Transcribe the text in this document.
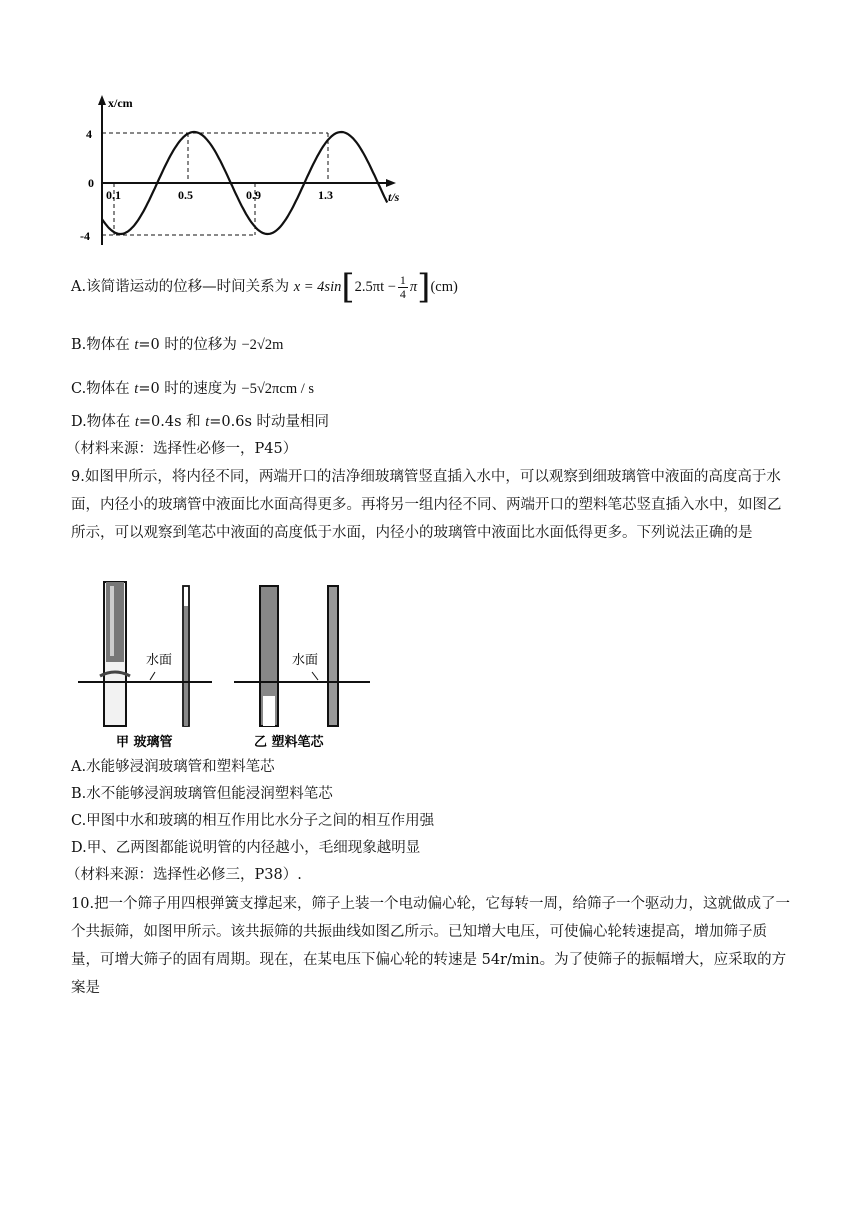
x/cm
t/s
4
0
-4
0.1	0.5	0.9	1.3
A.该简谐运动的位移—时间关系为 $x = 4\sin[2.5\pi t - \frac{1}{4} \pi](cm)$
B.物体在 t=0 时的位移为 −2√2m
C.物体在 t=0 时的速度为 −5√2πcm / s
D.物体在 t=0.4s 和 t=0.6s 时动量相同
（材料来源：选择性必修一，P45）
9.如图甲所示，将内径不同，两端开口的洁净细玻璃管竖直插入水中，可以观察到细玻璃管中液面的高度高于水面，内径小的玻璃管中液面比水面高得更多。再将另一组内径不同、两端开口的塑料笔芯竖直插入水中，如图乙所示，可以观察到笔芯中液面的高度低于水面，内径小的玻璃管中液面比水面低得更多。下列说法正确的是
水面
甲 玻璃管
水面
乙 塑料笔芯
A.水能够浸润玻璃管和塑料笔芯
B.水不能够浸润玻璃管但能浸润塑料笔芯
C.甲图中水和玻璃的相互作用比水分子之间的相互作用强
D.甲、乙两图都能说明管的内径越小，毛细现象越明显
（材料来源：选择性必修三，P38）.
10.把一个筛子用四根弹簧支撑起来，筛子上装一个电动偏心轮，它每转一周，给筛子一个驱动力，这就做成了一个共振筛，如图甲所示。该共振筛的共振曲线如图乙所示。已知增大电压，可使偏心轮转速提高，增加筛子质量，可增大筛子的固有周期。现在，在某电压下偏心轮的转速是 54r/min。为了使筛子的振幅增大，应采取的方案是
